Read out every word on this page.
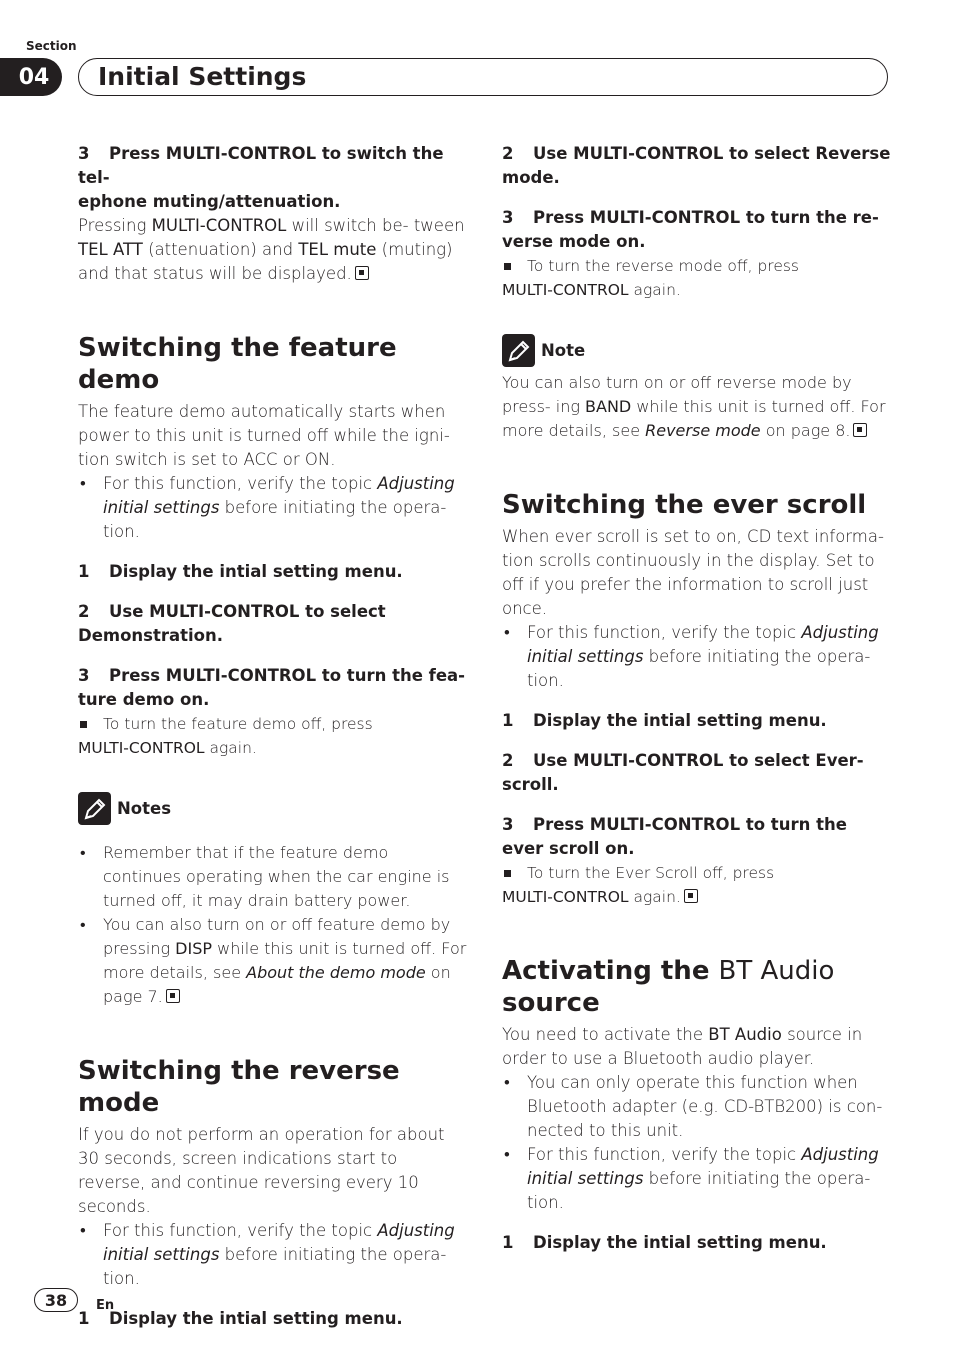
Section
04	Initial Settings

3 Press MULTI-CONTROL to switch the tel-
ephone muting/attenuation.

Pressing MULTI-CONTROL will switch be- tween TEL ATT (attenuation) and TEL mute (muting) and that status will be displayed.

Switching the feature demo

The feature demo automatically starts when power to this unit is turned off while the igni- tion switch is set to ACC or ON.

• For this function, verify the topic Adjusting initial settings before initiating the opera- tion.

1 Display the intial setting menu.

2 Use MULTI-CONTROL to select Demonstration.

3 Press MULTI-CONTROL to turn the fea- ture demo on.

To turn the feature demo off, press

MULTI-CONTROL again.

Notes
• Remember that if the feature demo continues operating when the car engine is turned off, it may drain battery power.
• You can also turn on or off feature demo by pressing DISP while this unit is turned off. For more details, see About the demo mode on page 7.
Switching the reverse mode

If you do not perform an operation for about 30 seconds, screen indications start to reverse, and continue reversing every 10 seconds.

• For this function, verify the topic Adjusting initial settings before initiating the opera- tion.

1 Display the intial setting menu.

2 Use MULTI-CONTROL to select Reverse mode.

3 Press MULTI-CONTROL to turn the re- verse mode on.

To turn the reverse mode off, press

MULTI-CONTROL again.

Note

You can also turn on or off reverse mode by press- ing BAND while this unit is turned off. For more details, see Reverse mode on page 8.

Switching the ever scroll

When ever scroll is set to on, CD text informa- tion scrolls continuously in the display. Set to off if you prefer the information to scroll just once.

• For this function, verify the topic Adjusting initial settings before initiating the opera- tion.

1 Display the intial setting menu.

2 Use MULTI-CONTROL to select Ever-scroll.

3 Press MULTI-CONTROL to turn the ever scroll on.

To turn the Ever Scroll off, press

MULTI-CONTROL again.

Activating the BT Audio source

You need to activate the BT Audio source in order to use a Bluetooth audio player.

• You can only operate this function when Bluetooth adapter (e.g. CD-BTB200) is con- nected to this unit.
• For this function, verify the topic Adjusting initial settings before initiating the opera- tion.

1 Display the intial setting menu.

38	En
